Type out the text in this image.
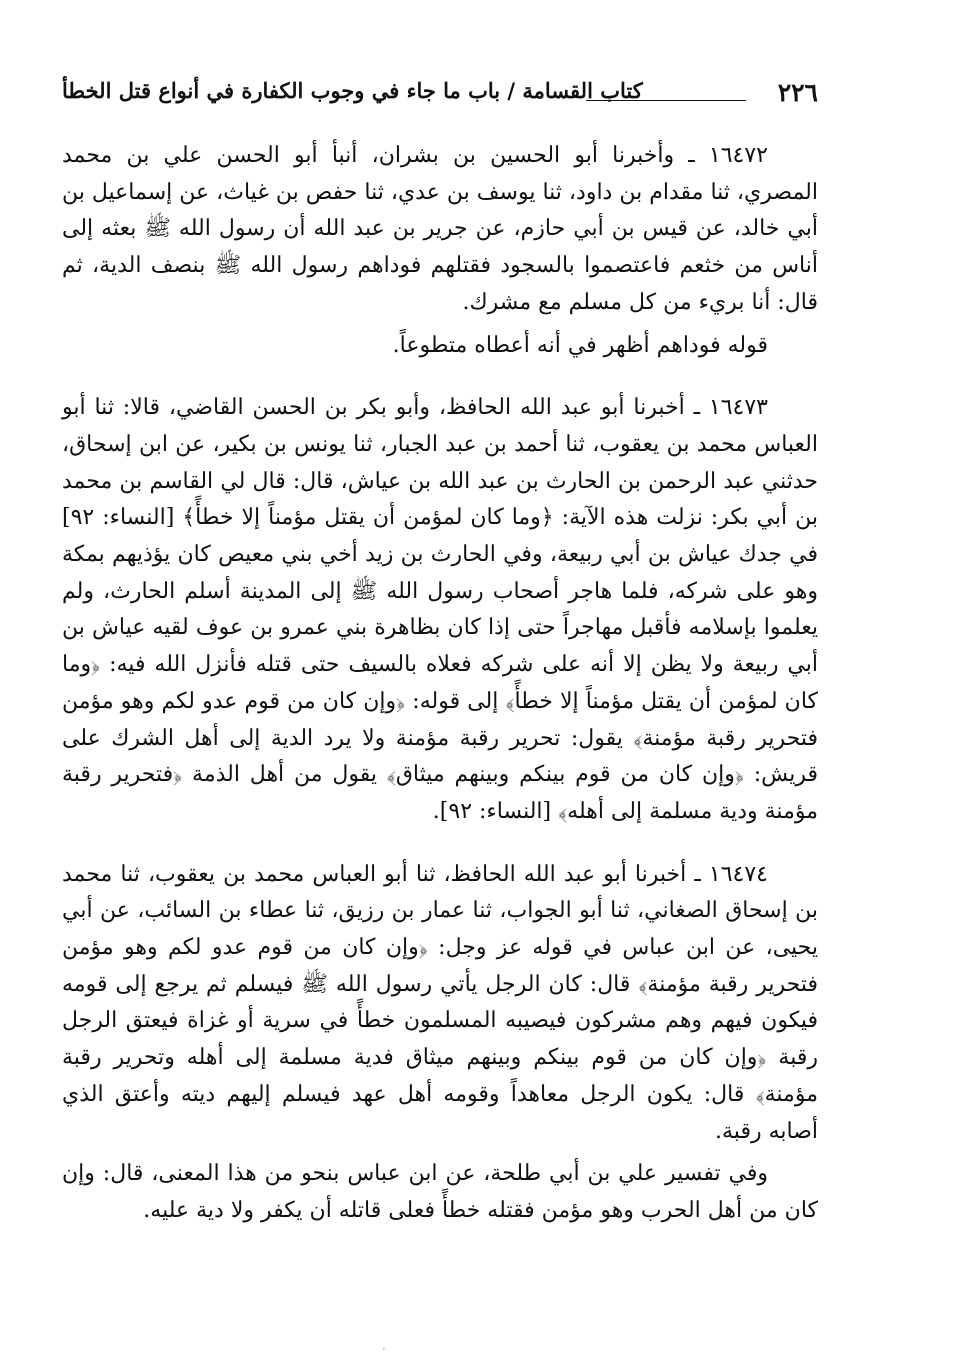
٢٢٦
كتاب القسامة / باب ما جاء في وجوب الكفارة في أنواع قتل الخطأ

١٦٤٧٢ ـ وأخبرنا أبو الحسين بن بشران، أنبأ أبو الحسن علي بن محمد المصري، ثنا مقدام بن داود، ثنا يوسف بن عدي، ثنا حفص بن غياث، عن إسماعيل بن أبي خالد، عن قيس بن أبي حازم، عن جرير بن عبد الله أن رسول الله ﷺ بعثه إلى أناس من خثعم فاعتصموا بالسجود فقتلهم فوداهم رسول الله ﷺ بنصف الدية، ثم قال: أنا بريء من كل مسلم مع مشرك.

قوله فوداهم أظهر في أنه أعطاه متطوعاً.

١٦٤٧٣ ـ أخبرنا أبو عبد الله الحافظ، وأبو بكر بن الحسن القاضي، قالا: ثنا أبو العباس محمد بن يعقوب، ثنا أحمد بن عبد الجبار، ثنا يونس بن بكير، عن ابن إسحاق، حدثني عبد الرحمن بن الحارث بن عبد الله بن عياش، قال: قال لي القاسم بن محمد بن أبي بكر: نزلت هذه الآية: ﴿وما كان لمؤمن أن يقتل مؤمناً إلا خطأً﴾ [النساء: ٩٢] في جدك عياش بن أبي ربيعة، وفي الحارث بن زيد أخي بني معيص كان يؤذيهم بمكة وهو على شركه، فلما هاجر أصحاب رسول الله ﷺ إلى المدينة أسلم الحارث، ولم يعلموا بإسلامه فأقبل مهاجراً حتى إذا كان بظاهرة بني عمرو بن عوف لقيه عياش بن أبي ربيعة ولا يظن إلا أنه على شركه فعلاه بالسيف حتى قتله فأنزل الله فيه: ﴿وما كان لمؤمن أن يقتل مؤمناً إلا خطأً﴾ إلى قوله: ﴿وإن كان من قوم عدو لكم وهو مؤمن فتحرير رقبة مؤمنة﴾ يقول: تحرير رقبة مؤمنة ولا يرد الدية إلى أهل الشرك على قريش: ﴿وإن كان من قوم بينكم وبينهم ميثاق﴾ يقول من أهل الذمة ﴿فتحرير رقبة مؤمنة ودية مسلمة إلى أهله﴾ [النساء: ٩٢].

١٦٤٧٤ ـ أخبرنا أبو عبد الله الحافظ، ثنا أبو العباس محمد بن يعقوب، ثنا محمد بن إسحاق الصغاني، ثنا أبو الجواب، ثنا عمار بن رزيق، ثنا عطاء بن السائب، عن أبي يحيى، عن ابن عباس في قوله عز وجل: ﴿وإن كان من قوم عدو لكم وهو مؤمن فتحرير رقبة مؤمنة﴾ قال: كان الرجل يأتي رسول الله ﷺ فيسلم ثم يرجع إلى قومه فيكون فيهم وهم مشركون فيصيبه المسلمون خطأً في سرية أو غزاة فيعتق الرجل رقبة ﴿وإن كان من قوم بينكم وبينهم ميثاق فدية مسلمة إلى أهله وتحرير رقبة مؤمنة﴾ قال: يكون الرجل معاهداً وقومه أهل عهد فيسلم إليهم ديته وأعتق الذي أصابه رقبة.

وفي تفسير علي بن أبي طلحة، عن ابن عباس بنحو من هذا المعنى، قال: وإن كان من أهل الحرب وهو مؤمن فقتله خطأً فعلى قاتله أن يكفر ولا دية عليه.

·
